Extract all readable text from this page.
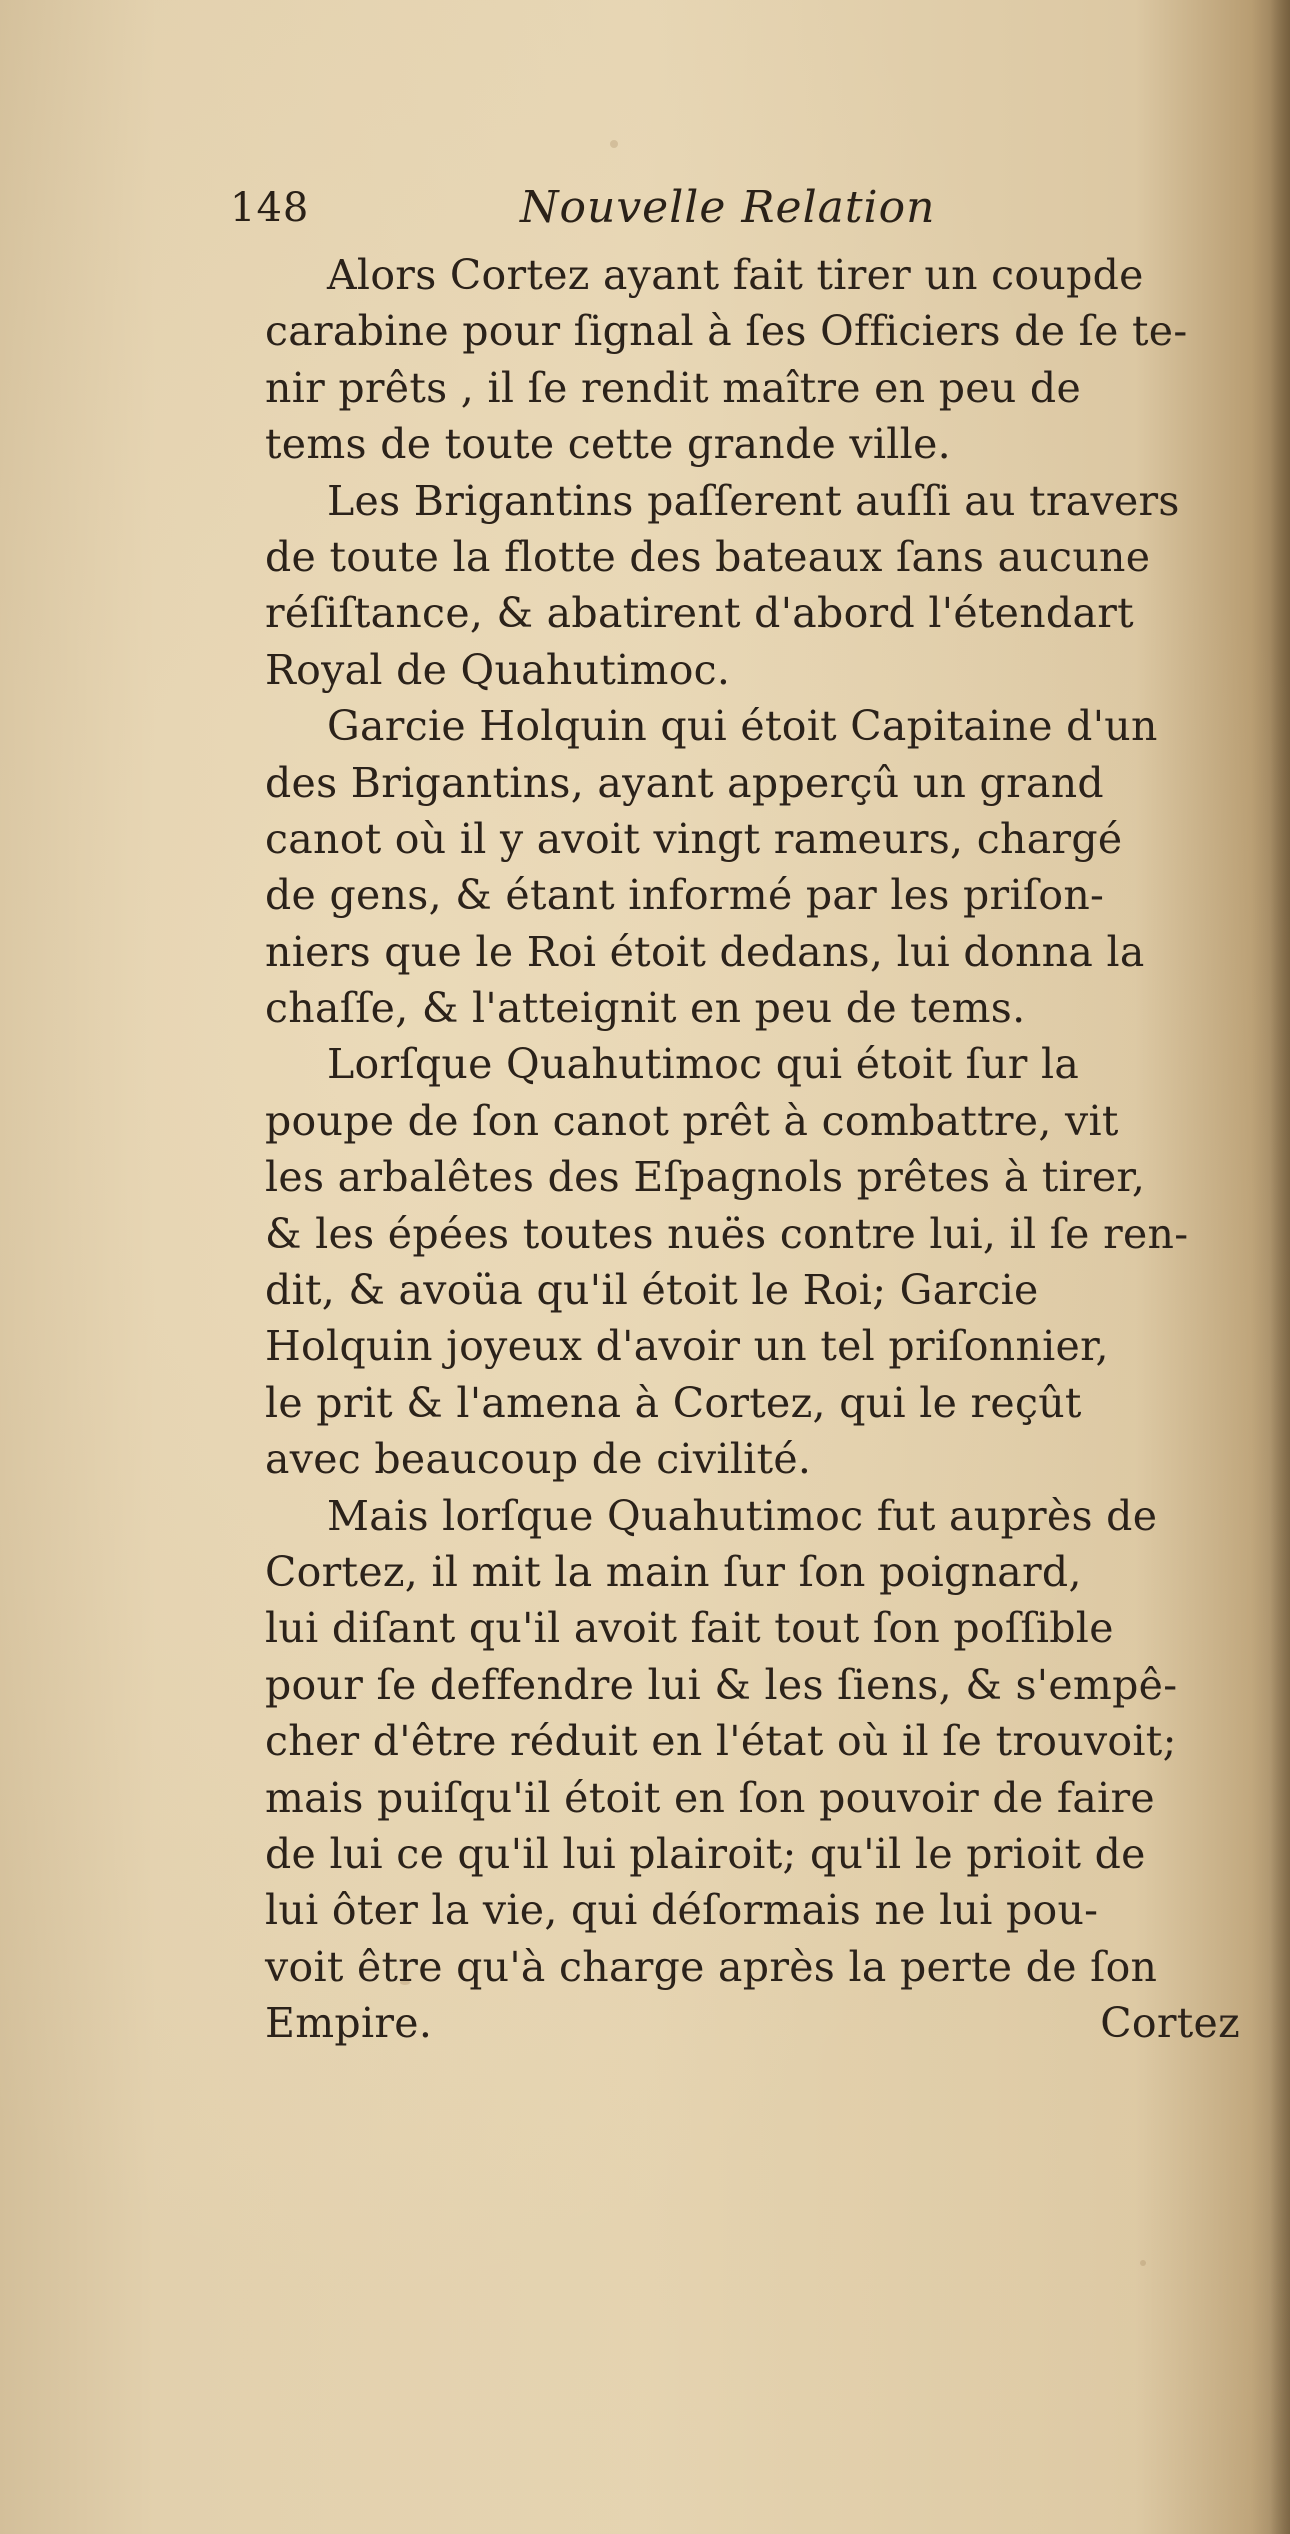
148	Nouvelle Relation
Alors Cortez ayant fait tirer un coupde
carabine pour ſignal à ſes Officiers de ſe te-
nir prêts , il ſe rendit maître en peu de
tems de toute cette grande ville.
Les Brigantins paſſerent auſſi au travers
de toute la flotte des bateaux ſans aucune
réſiſtance, & abatirent d'abord l'étendart
Royal de Quahutimoc.
Garcie Holquin qui étoit Capitaine d'un
des Brigantins, ayant apperçû un grand
canot où il y avoit vingt rameurs, chargé
de gens, & étant informé par les priſon-
niers que le Roi étoit dedans, lui donna la
chaſſe, & l'atteignit en peu de tems.
Lorſque Quahutimoc qui étoit ſur la
poupe de ſon canot prêt à combattre, vit
les arbalêtes des Eſpagnols prêtes à tirer,
& les épées toutes nuës contre lui, il ſe ren-
dit, & avoüa qu'il étoit le Roi; Garcie
Holquin joyeux d'avoir un tel priſonnier,
le prit & l'amena à Cortez, qui le reçût
avec beaucoup de civilité.
Mais lorſque Quahutimoc fut auprès de
Cortez, il mit la main ſur ſon poignard,
lui diſant qu'il avoit fait tout ſon poſſible
pour ſe deffendre lui & les ſiens, & s'empê-
cher d'être réduit en l'état où il ſe trouvoit;
mais puiſqu'il étoit en ſon pouvoir de faire
de lui ce qu'il lui plairoit; qu'il le prioit de
lui ôter la vie, qui déſormais ne lui pou-
voit être qu'à charge après la perte de ſon
Empire.	Cortez
